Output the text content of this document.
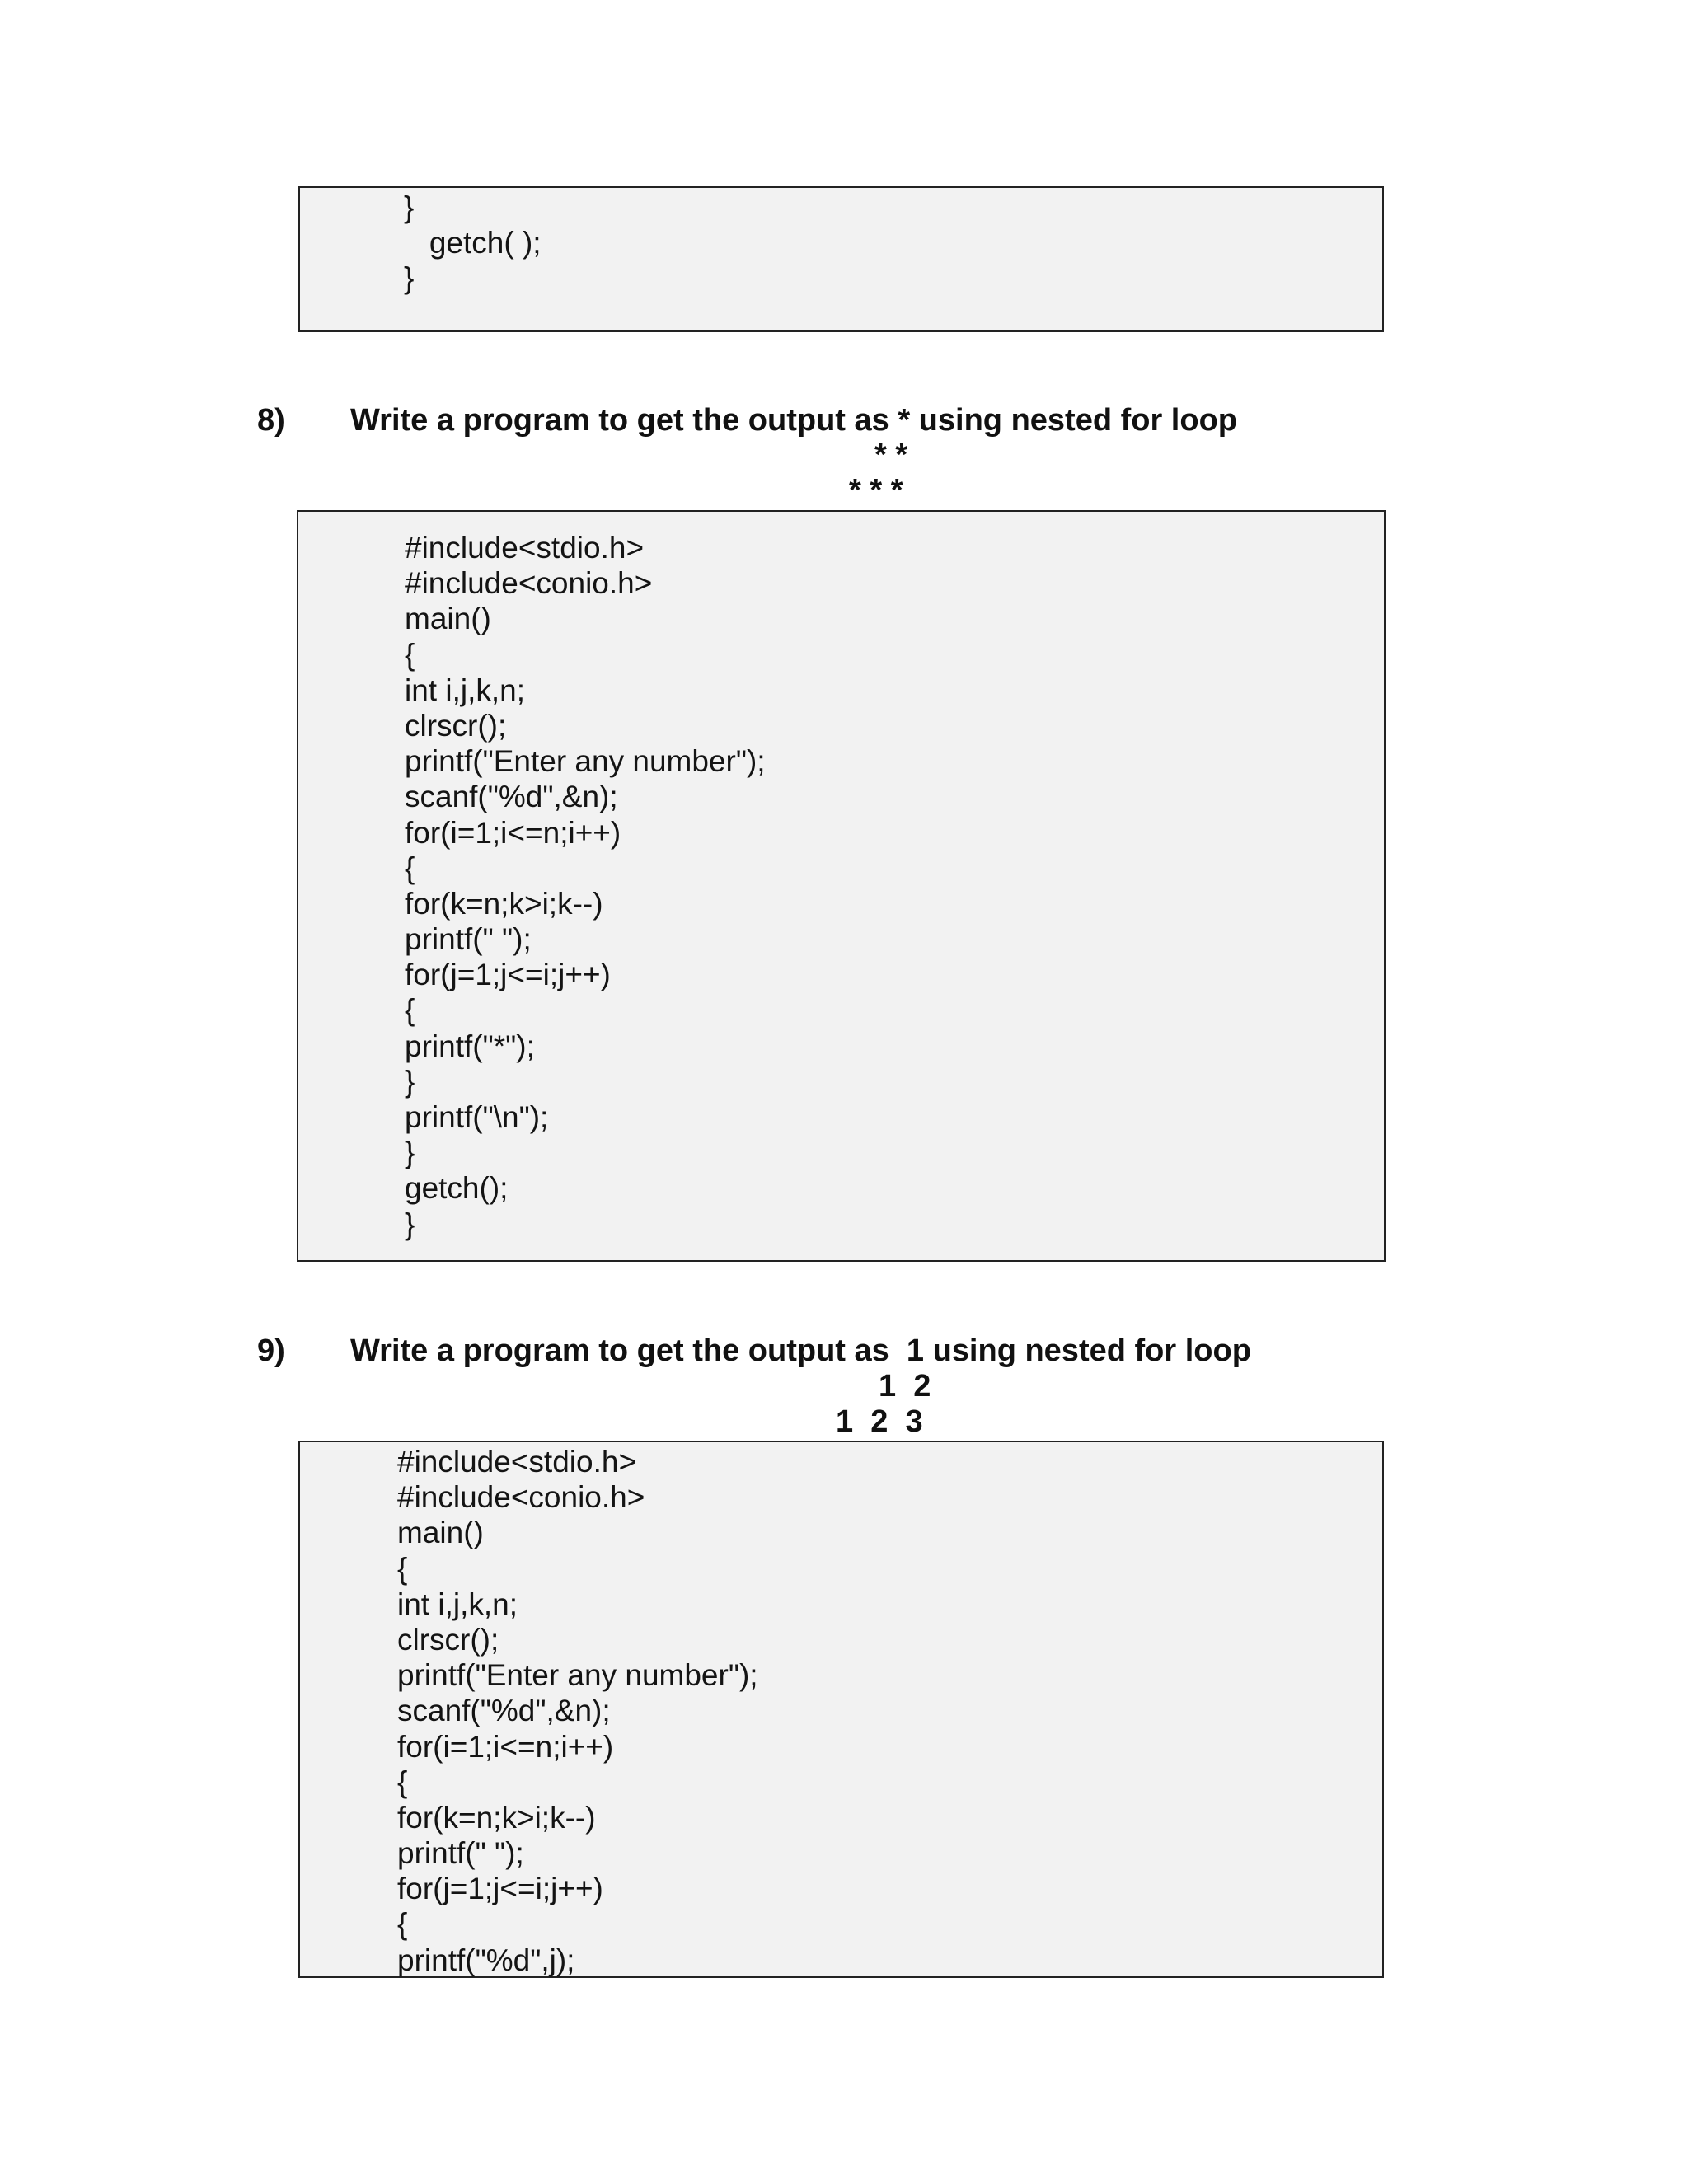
}
getch( );
}
8) Write a program to get the output as * using nested for loop
* *
* * *
#include<stdio.h>
#include<conio.h>
main()
{
int i,j,k,n;
clrscr();
printf("Enter any number");
scanf("%d",&n);
for(i=1;i<=n;i++)
{
for(k=n;k>i;k--)
printf(" ");
for(j=1;j<=i;j++)
{
printf("*");
}
printf("\n");
}
getch();
}
9) Write a program to get the output as  1 using nested for loop
1  2
1  2  3
#include<stdio.h>
#include<conio.h>
main()
{
int i,j,k,n;
clrscr();
printf("Enter any number");
scanf("%d",&n);
for(i=1;i<=n;i++)
{
for(k=n;k>i;k--)
printf(" ");
for(j=1;j<=i;j++)
{
printf("%d",j);
